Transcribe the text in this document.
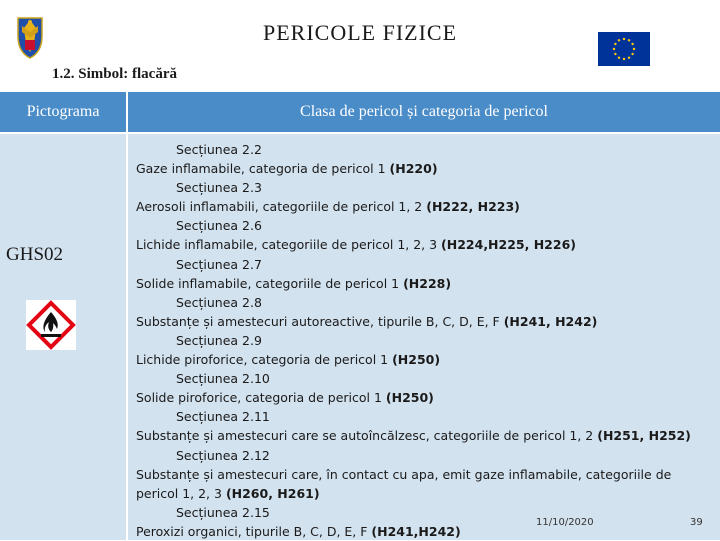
PERICOLE FIZICE
1.2. Simbol: flacără
Pictograma	Clasa de pericol și categoria de pericol
GHS02
Secțiunea 2.2
Gaze inflamabile, categoria de pericol 1 (H220)
Secțiunea 2.3
Aerosoli inflamabili, categoriile de pericol 1, 2 (H222, H223)
Secțiunea 2.6
Lichide inflamabile, categoriile de pericol 1, 2, 3 (H224,H225, H226)
Secțiunea 2.7
Solide inflamabile, categoriile de pericol 1 (H228)
Secțiunea 2.8
Substanțe și amestecuri autoreactive, tipurile B, C, D, E, F (H241, H242)
Secțiunea 2.9
Lichide piroforice, categoria de pericol 1 (H250)
Secțiunea 2.10
Solide piroforice, categoria de pericol 1 (H250)
Secțiunea 2.11
Substanțe și amestecuri care se autoîncălzesc, categoriile de pericol 1, 2 (H251, H252)
Secțiunea 2.12
Substanțe și amestecuri care, în contact cu apa, emit gaze inflamabile, categoriile de
pericol 1, 2, 3 (H260, H261)
Secțiunea 2.15
Peroxizi organici, tipurile B, C, D, E, F (H241,H242)
11/10/2020	39
